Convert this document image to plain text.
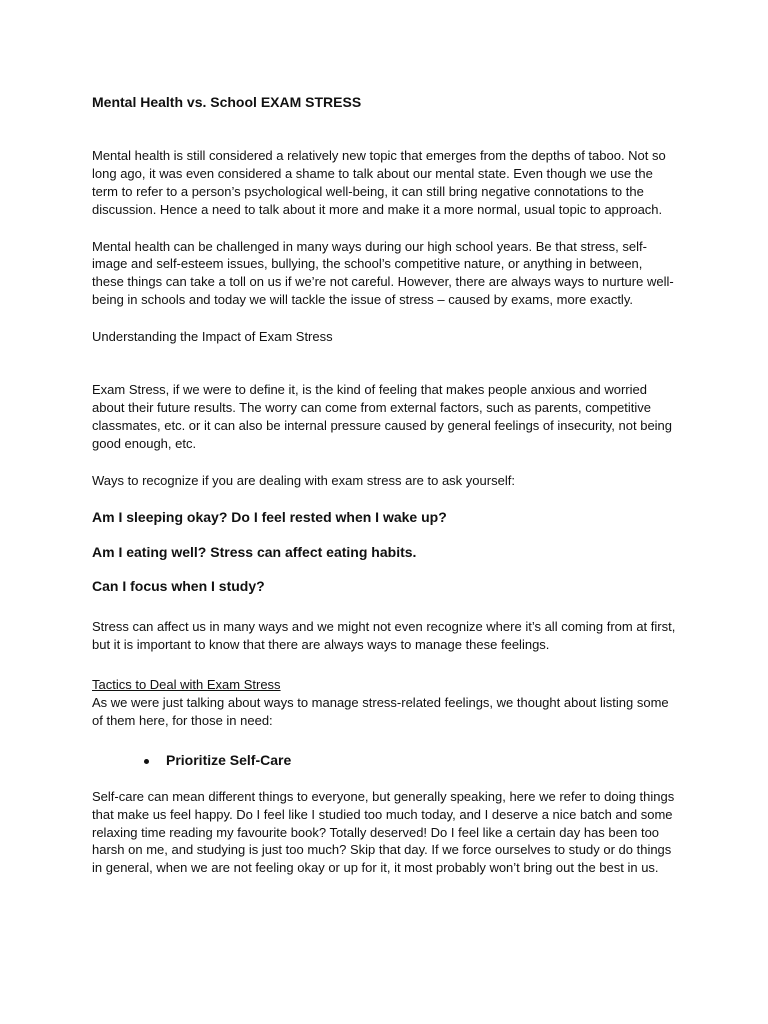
Mental Health vs. School EXAM STRESS

Mental health is still considered a relatively new topic that emerges from the depths of taboo. Not so long ago, it was even considered a shame to talk about our mental state. Even though we use the term to refer to a person’s psychological well-being, it can still bring negative connotations to the discussion. Hence a need to talk about it more and make it a more normal, usual topic to approach.

Mental health can be challenged in many ways during our high school years. Be that stress, self-image and self-esteem issues, bullying, the school’s competitive nature, or anything in between, these things can take a toll on us if we’re not careful. However, there are always ways to nurture well-being in schools and today we will tackle the issue of stress – caused by exams, more exactly.

Understanding the Impact of Exam Stress

Exam Stress, if we were to define it, is the kind of feeling that makes people anxious and worried about their future results. The worry can come from external factors, such as parents, competitive classmates, etc. or it can also be internal pressure caused by general feelings of insecurity, not being good enough, etc.

Ways to recognize if you are dealing with exam stress are to ask yourself:

Am I sleeping okay? Do I feel rested when I wake up?

Am I eating well? Stress can affect eating habits.

Can I focus when I study?

Stress can affect us in many ways and we might not even recognize where it’s all coming from at first, but it is important to know that there are always ways to manage these feelings.

Tactics to Deal with Exam Stress

As we were just talking about ways to manage stress-related feelings, we thought about listing some of them here, for those in need:

Prioritize Self-Care

Self-care can mean different things to everyone, but generally speaking, here we refer to doing things that make us feel happy. Do I feel like I studied too much today, and I deserve a nice batch and some relaxing time reading my favourite book? Totally deserved! Do I feel like a certain day has been too harsh on me, and studying is just too much? Skip that day. If we force ourselves to study or do things in general, when we are not feeling okay or up for it, it most probably won’t bring out the best in us.
